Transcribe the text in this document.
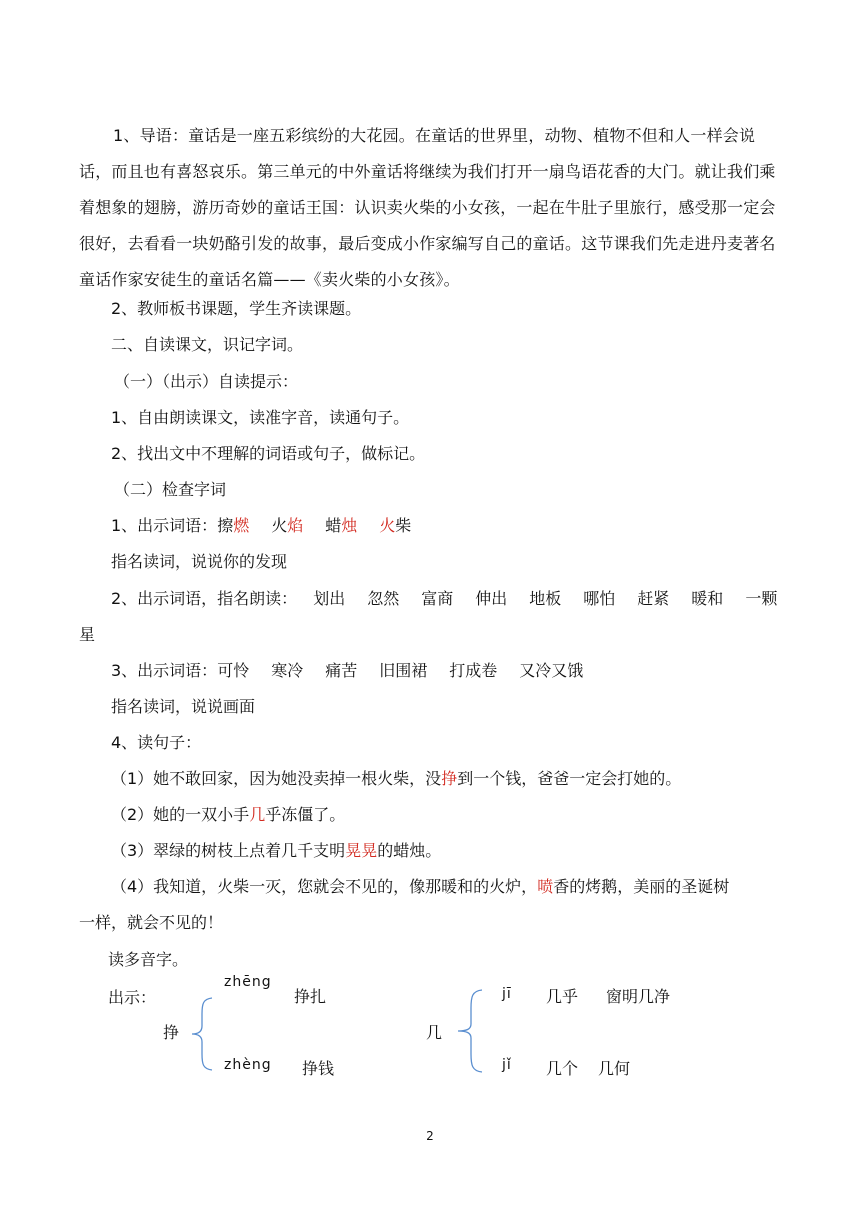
1、导语：童话是一座五彩缤纷的大花园。在童话的世界里，动物、植物不但和人一样会说话，而且也有喜怒哀乐。第三单元的中外童话将继续为我们打开一扇鸟语花香的大门。就让我们乘着想象的翅膀，游历奇妙的童话王国：认识卖火柴的小女孩，一起在牛肚子里旅行，感受那一定会很好，去看看一块奶酪引发的故事，最后变成小作家编写自己的童话。这节课我们先走进丹麦著名童话作家安徒生的童话名篇——《卖火柴的小女孩》。
2、教师板书课题，学生齐读课题。
二、自读课文，识记字词。
（一）（出示）自读提示：
1、自由朗读课文，读准字音，读通句子。
2、找出文中不理解的词语或句子，做标记。
（二）检查字词
1、出示词语：擦燃 火焰 蜡烛 火柴
指名读词，说说你的发现
2、出示词语，指名朗读： 划出 忽然 富商 伸出 地板 哪怕 赶紧 暖和 一颗
星
3、出示词语：可怜 寒冷 痛苦 旧围裙 打成卷 又冷又饿
指名读词，说说画面
4、读句子：
（1）她不敢回家，因为她没卖掉一根火柴，没挣到一个钱，爸爸一定会打她的。
（2）她的一双小手几乎冻僵了。
（3）翠绿的树枝上点着几千支明晃晃的蜡烛。
（4）我知道，火柴一灭，您就会不见的，像那暖和的火炉，喷香的烤鹅，美丽的圣诞树
一样，就会不见的！
读多音字。
出示：
挣
zhēng
挣扎
zhèng 挣钱
几
jī 几乎 窗明几净
jǐ 几个 几何
2
